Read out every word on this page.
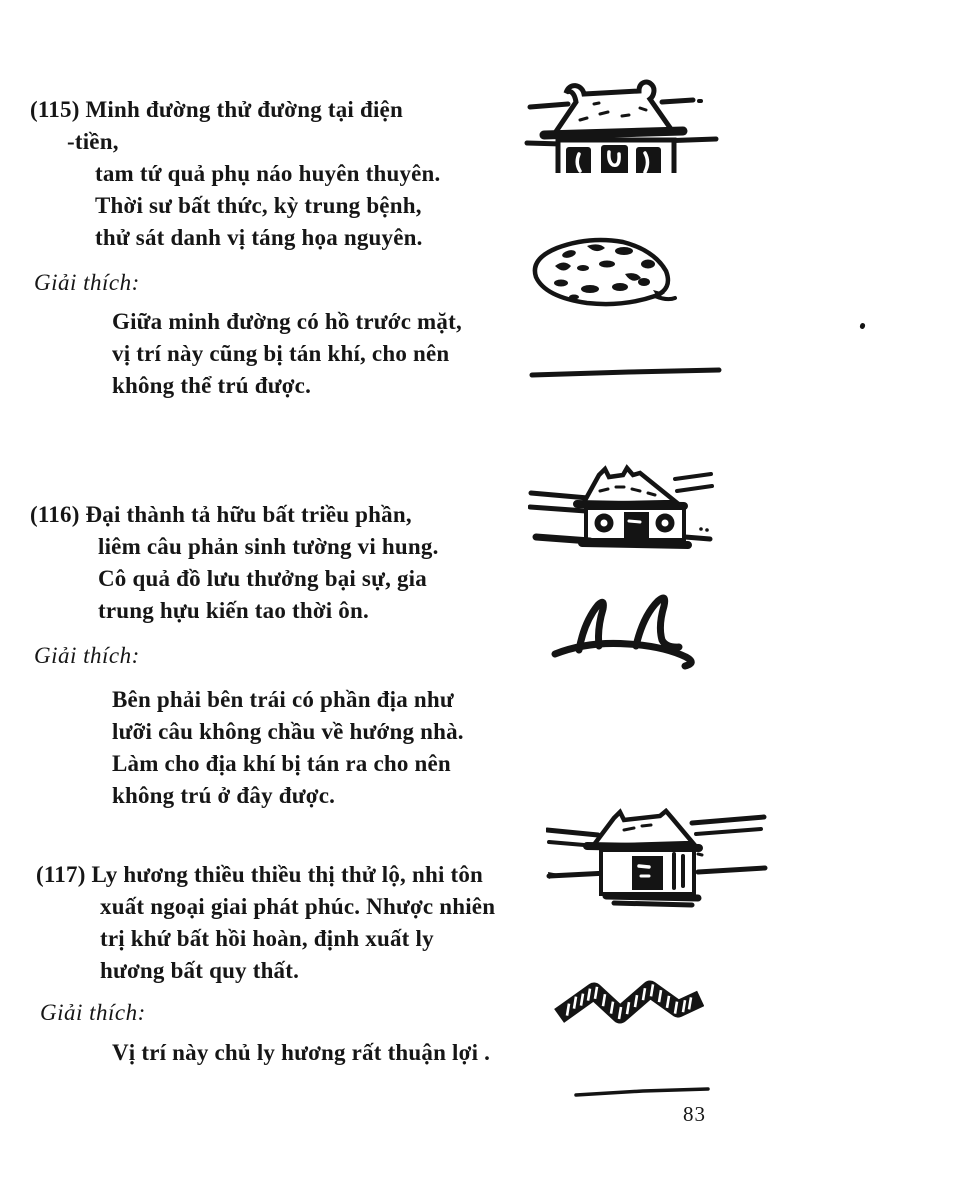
(115) Minh đường thử đường tại điện
-tiền,
tam tứ quả phụ náo huyên thuyên.
Thời sư bất thức, kỳ trung bệnh,
thử sát danh vị táng họa nguyên.
Giải thích:
Giữa minh đường có hồ trước mặt,
vị trí này cũng bị tán khí, cho nên
không thể trú được.
(116) Đại thành tả hữu bất triều phần,
liêm câu phản sinh tường vi hung.
Cô quả đồ lưu thưởng bại sự, gia
trung hựu kiến tao thời ôn.
Giải thích:
Bên phải bên trái có phần địa như
lưỡi câu không chầu về hướng nhà.
Làm cho địa khí bị tán ra cho nên
không trú ở đây được.
(117) Ly hương thiều thiều thị thử lộ, nhi tôn
xuất ngoại giai phát phúc. Nhược nhiên
trị khứ bất hồi hoàn, định xuất ly
hương bất quy thất.
Giải thích:
Vị trí này chủ ly hương rất thuận lợi .
83
